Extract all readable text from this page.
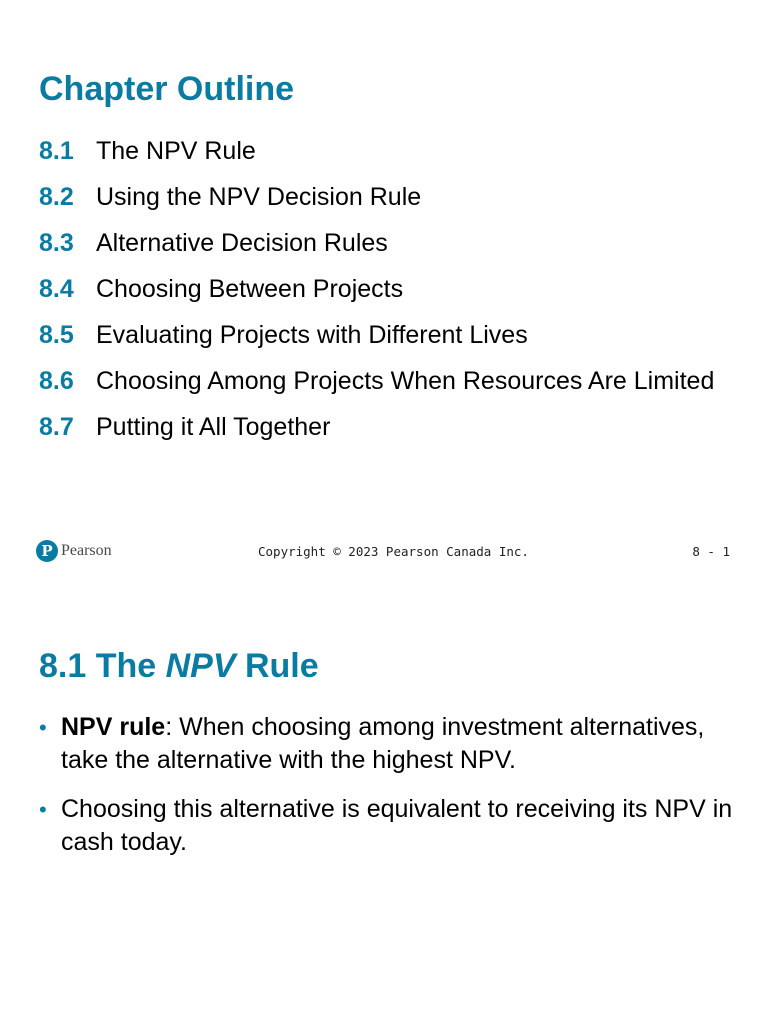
Chapter Outline
8.1 The NPV Rule
8.2 Using the NPV Decision Rule
8.3 Alternative Decision Rules
8.4 Choosing Between Projects
8.5 Evaluating Projects with Different Lives
8.6 Choosing Among Projects When Resources Are Limited
8.7 Putting it All Together
P Pearson	Copyright © 2023 Pearson Canada Inc.	8 - 1
8.1 The NPV Rule
• NPV rule: When choosing among investment alternatives, take the alternative with the highest NPV.
• Choosing this alternative is equivalent to receiving its NPV in cash today.
